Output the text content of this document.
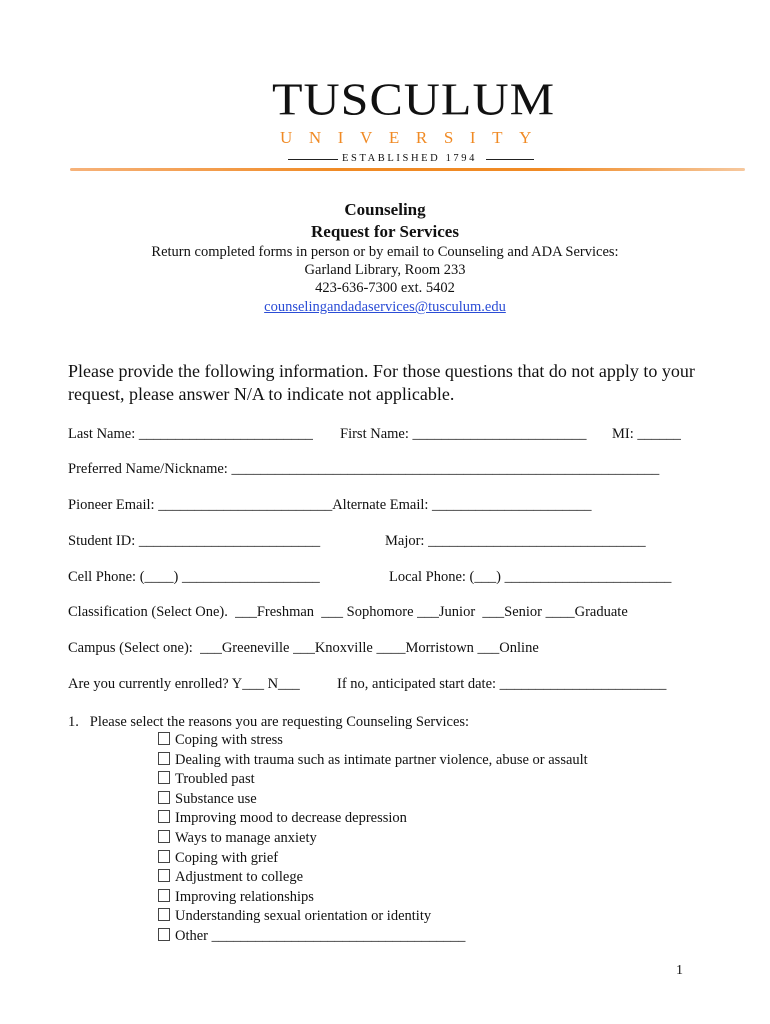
TUSCULUM
UNIVERSITY
ESTABLISHED 1794
Counseling
Request for Services
Return completed forms in person or by email to Counseling and ADA Services:
Garland Library, Room 233
423-636-7300 ext. 5402
counselingandadaservices@tusculum.edu
Please provide the following information. For those questions that do not apply to your request, please answer N/A to indicate not applicable.
Last Name: ________________________ First Name: ________________________ MI: ______
Preferred Name/Nickname: ___________________________________________________________
Pioneer Email: ________________________Alternate Email: ______________________
Student ID: _________________________	Major: ______________________________
Cell Phone: (____) ___________________	Local Phone: (___) _______________________
Classification (Select One).  ___Freshman  ___ Sophomore ___Junior  ___Senior ____Graduate
Campus (Select one):  ___Greeneville ___Knoxville ____Morristown ___Online
Are you currently enrolled? Y___ N___	If no, anticipated start date: _______________________
1.   Please select the reasons you are requesting Counseling Services:
Coping with stress
Dealing with trauma such as intimate partner violence, abuse or assault
Troubled past
Substance use
Improving mood to decrease depression
Ways to manage anxiety
Coping with grief
Adjustment to college
Improving relationships
Understanding sexual orientation or identity
Other ___________________________________
1
